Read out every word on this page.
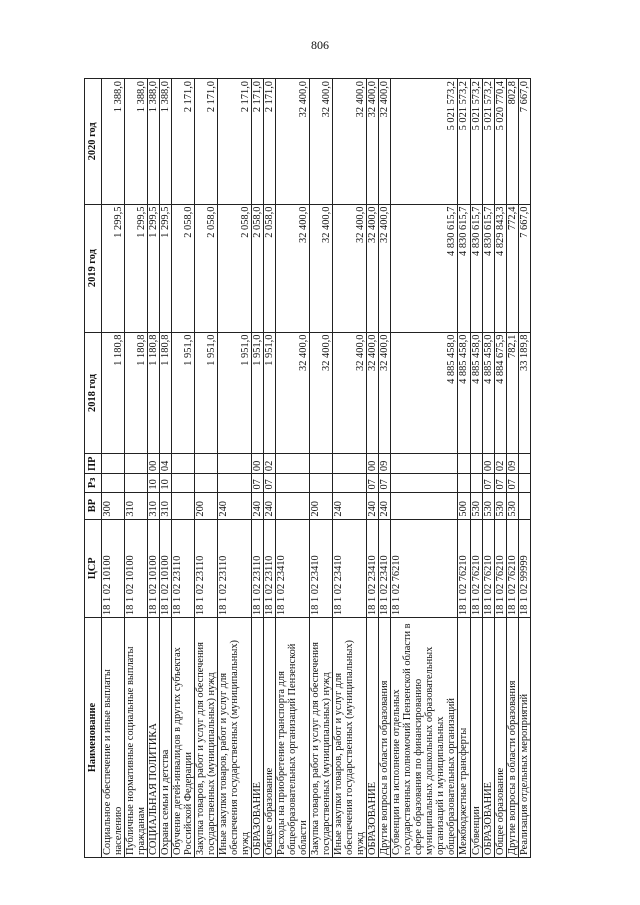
806
Наименование	ЦСР	ВР	Рз	ПР	2018 год	2019 год	2020 год
Социальное обеспечение и иные выплаты населению	18 1 02 10100	300			1 180,8	1 299,5	1 388,0
Публичные нормативные социальные выплаты гражданам	18 1 02 10100	310			1 180,8	1 299,5	1 388,0
СОЦИАЛЬНАЯ ПОЛИТИКА	18 1 02 10100	310	10	00	1 180,8	1 299,5	1 388,0
Охрана семьи и детства	18 1 02 10100	310	10	04	1 180,8	1 299,5	1 388,0
Обучение детей-инвалидов в других субъектах Российской Федерации	18 1 02 23110				1 951,0	2 058,0	2 171,0
Закупка товаров, работ и услуг для обеспечения государственных (муниципальных) нужд	18 1 02 23110	200			1 951,0	2 058,0	2 171,0
Иные закупки товаров, работ и услуг для обеспечения государственных (муниципальных) нужд	18 1 02 23110	240			1 951,0	2 058,0	2 171,0
ОБРАЗОВАНИЕ	18 1 02 23110	240	07	00	1 951,0	2 058,0	2 171,0
Общее образование	18 1 02 23110	240	07	02	1 951,0	2 058,0	2 171,0
Расходы на приобретение транспорта для общеобразовательных организаций Пензенской области	18 1 02 23410				32 400,0	32 400,0	32 400,0
Закупка товаров, работ и услуг для обеспечения государственных (муниципальных) нужд	18 1 02 23410	200			32 400,0	32 400,0	32 400,0
Иные закупки товаров, работ и услуг для обеспечения государственных (муниципальных) нужд	18 1 02 23410	240			32 400,0	32 400,0	32 400,0
ОБРАЗОВАНИЕ	18 1 02 23410	240	07	00	32 400,0	32 400,0	32 400,0
Другие вопросы в области образования	18 1 02 23410	240	07	09	32 400,0	32 400,0	32 400,0
Субвенции на исполнение отдельных государственных полномочий Пензенской области в сфере образования по финансированию муниципальных дошкольных образовательных организаций и муниципальных общеобразовательных организаций	18 1 02 76210				4 885 458,0	4 830 615,7	5 021 573,2
Межбюджетные трансферты	18 1 02 76210	500			4 885 458,0	4 830 615,7	5 021 573,2
Субвенции	18 1 02 76210	530			4 885 458,0	4 830 615,7	5 021 573,2
ОБРАЗОВАНИЕ	18 1 02 76210	530	07	00	4 885 458,0	4 830 615,7	5 021 573,2
Общее образование	18 1 02 76210	530	07	02	4 884 675,9	4 829 843,3	5 020 770,4
Другие вопросы в области образования	18 1 02 76210	530	07	09	782,1	772,4	802,8
Реализация отдельных мероприятий	18 1 02 99999				33 189,8	7 667,0	7 667,0
